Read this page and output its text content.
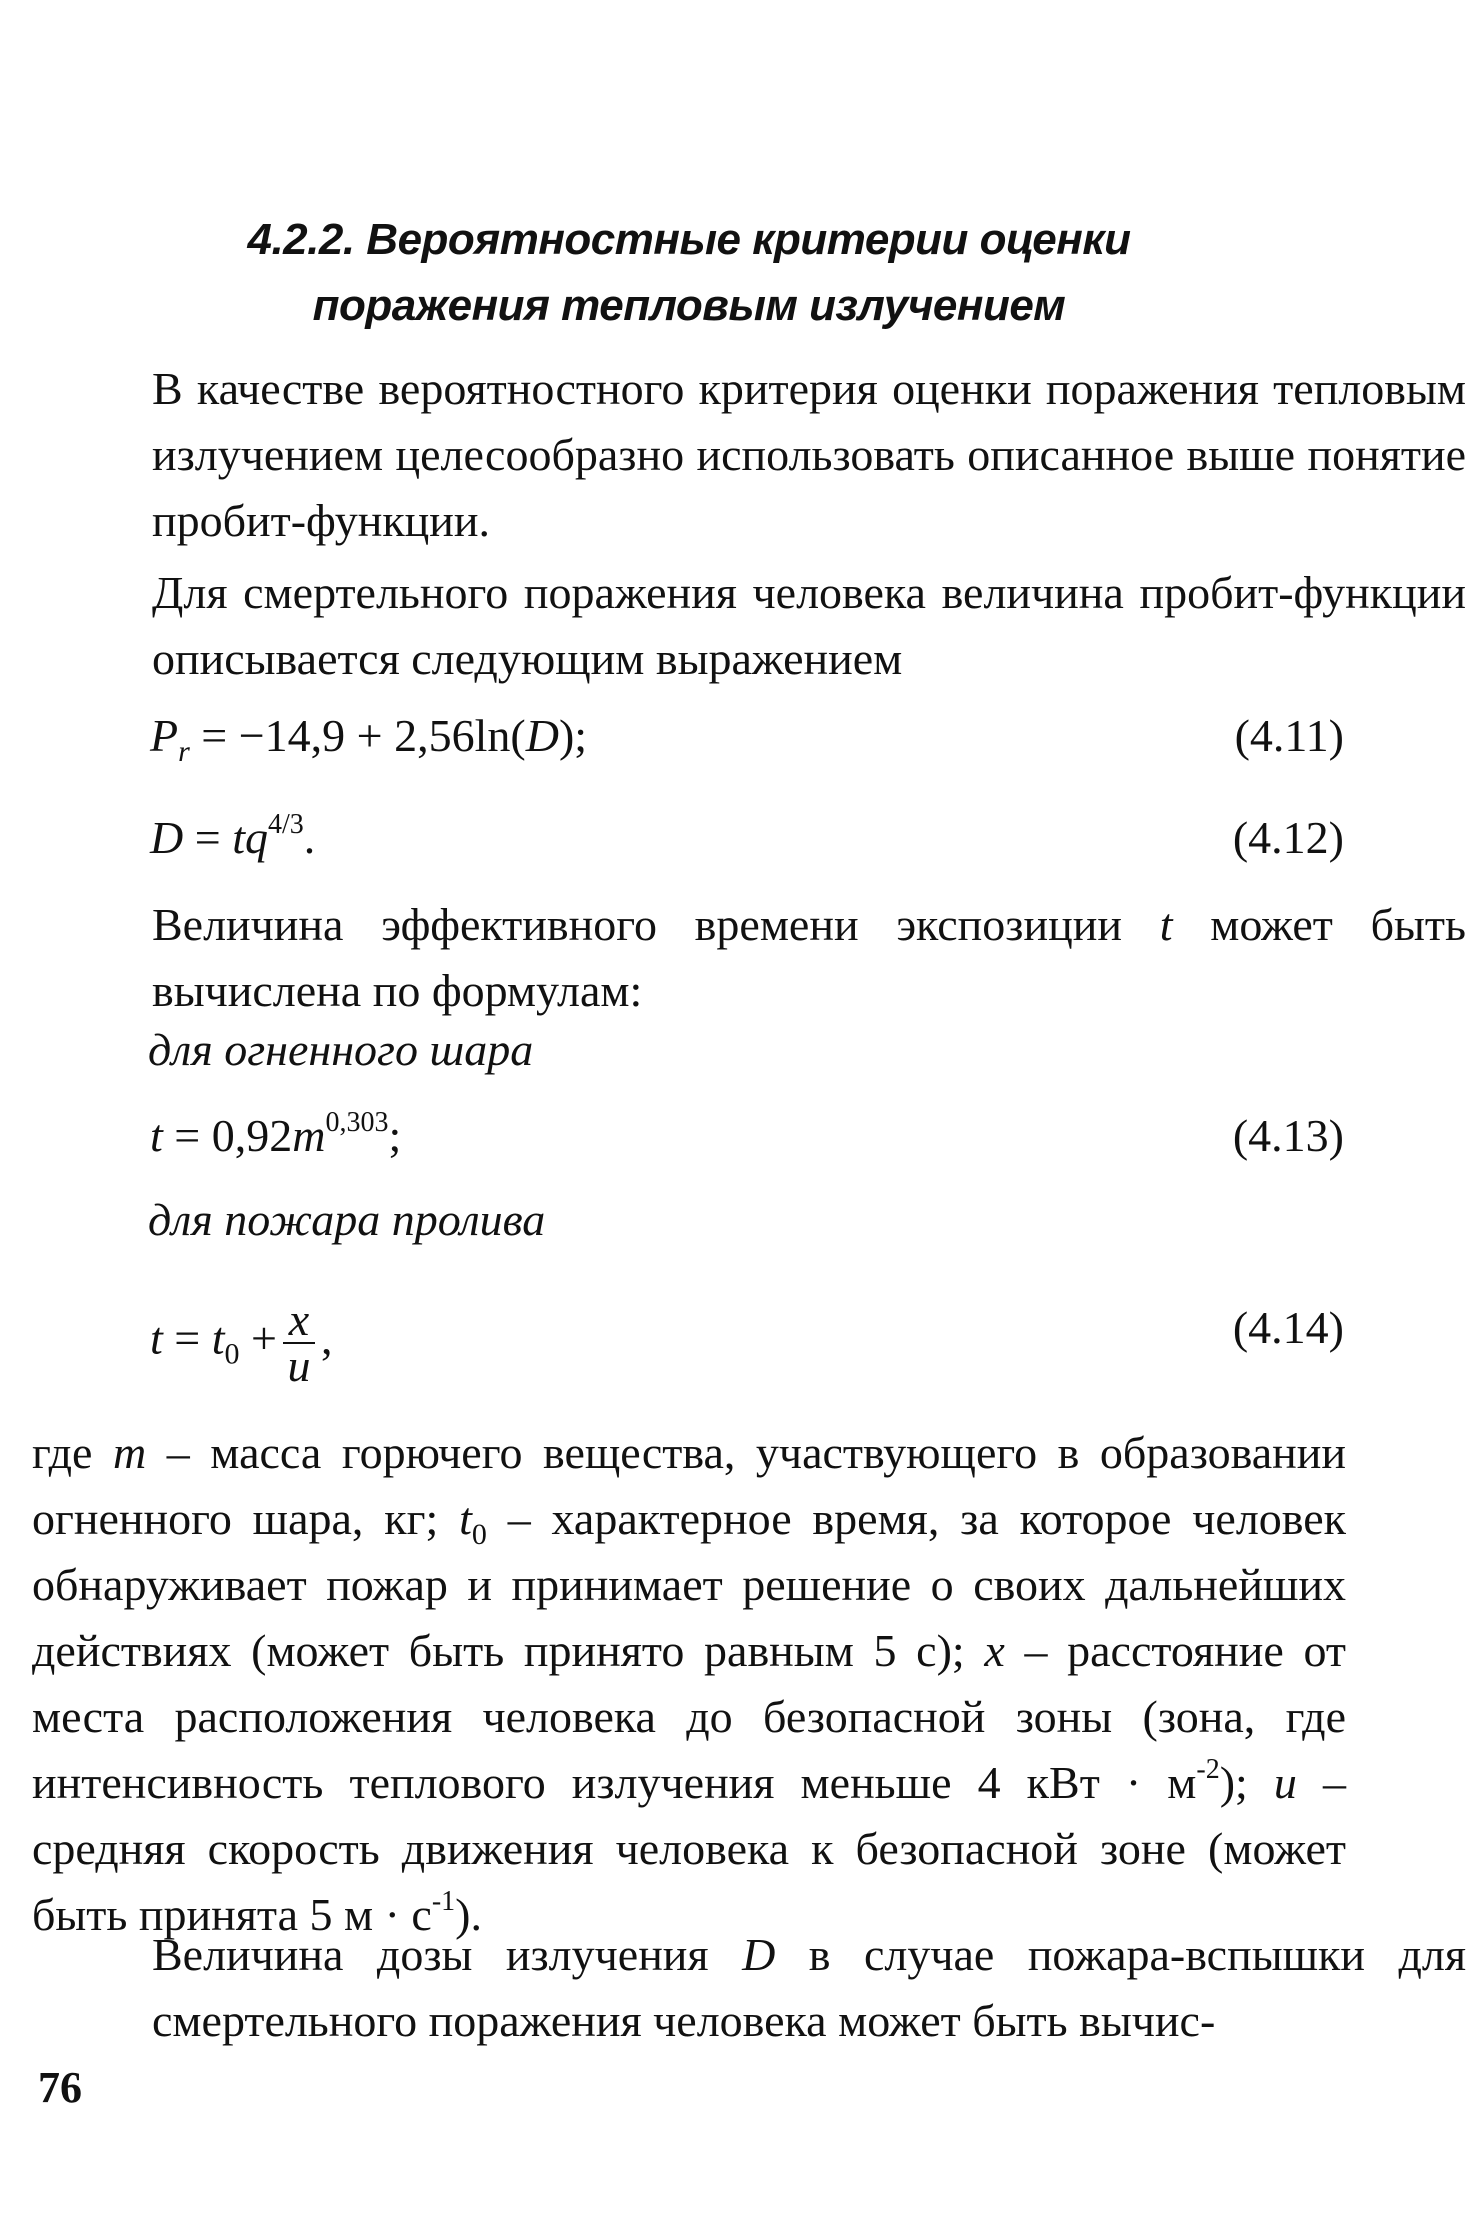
4.2.2. Вероятностные критерии оценки
поражения тепловым излучением
В качестве вероятностного критерия оценки поражения тепловым излучением целесообразно использовать описанное выше понятие пробит-функции.
Для смертельного поражения человека величина пробит-функции описывается следующим выражением
$P_r = -14,9 + 2,56\ln(D)$;	(4.11)
$D = tq^{4/3}$.	(4.12)
Величина эффективного времени экспозиции t может быть вычислена по формулам:
для огненного шара
$t = 0,92m^{0,303}$;	(4.13)
для пожара пролива
$t = t_0 + \frac{x}{u}$ ,	(4.14)
где m – масса горючего вещества, участвующего в образовании огненного шара, кг; $t_0$ – характерное время, за которое человек обнаруживает пожар и принимает решение о своих дальнейших действиях (может быть принято равным 5 с); x – расстояние от места расположения человека до безопасной зоны (зона, где интенсивность теплового излучения меньше 4 кВт · $м^{-2}$); u – средняя скорость движения человека к безопасной зоне (может быть принята 5 $м \cdot с^{-1}$).
Величина дозы излучения D в случае пожара-вспышки для смертельного поражения человека может быть вычис-
76
